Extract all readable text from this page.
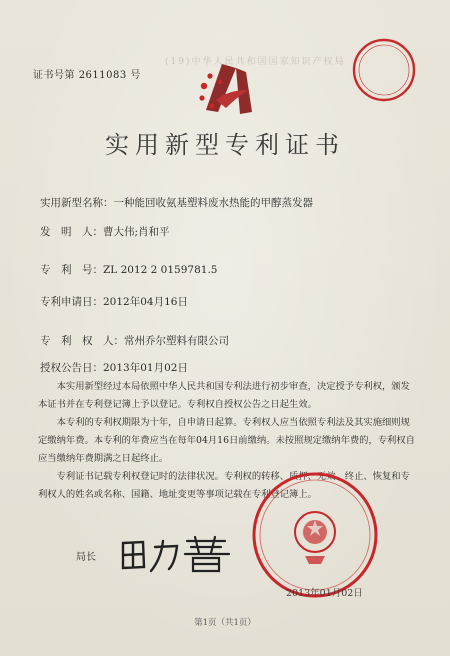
证书号第 2611083 号
(19)中华人民共和国国家知识产权局
实用新型专利证书
实用新型名称：一种能回收氨基塑料废水热能的甲醇蒸发器
发　明　人：曹大伟;肖和平
专　利　号：ZL 2012 2 0159781.5
专利申请日：2012年04月16日
专　利　权　人：常州乔尔塑料有限公司
授权公告日：2013年01月02日

本实用新型经过本局依照中华人民共和国专利法进行初步审查，决定授予专利权，颁发本证书并在专利登记簿上予以登记。专利权自授权公告之日起生效。

本专利的专利权期限为十年，自申请日起算。专利权人应当依照专利法及其实施细则规定缴纳年费。本专利的年费应当在每年04月16日前缴纳。未按照规定缴纳年费的，专利权自应当缴纳年费期满之日起终止。

专利证书记载专利权登记时的法律状况。专利权的转移、质押、无效、终止、恢复和专利权人的姓名或名称、国籍、地址变更等事项记载在专利登记簿上。

局长
2013年01月02日
第1页（共1页）
